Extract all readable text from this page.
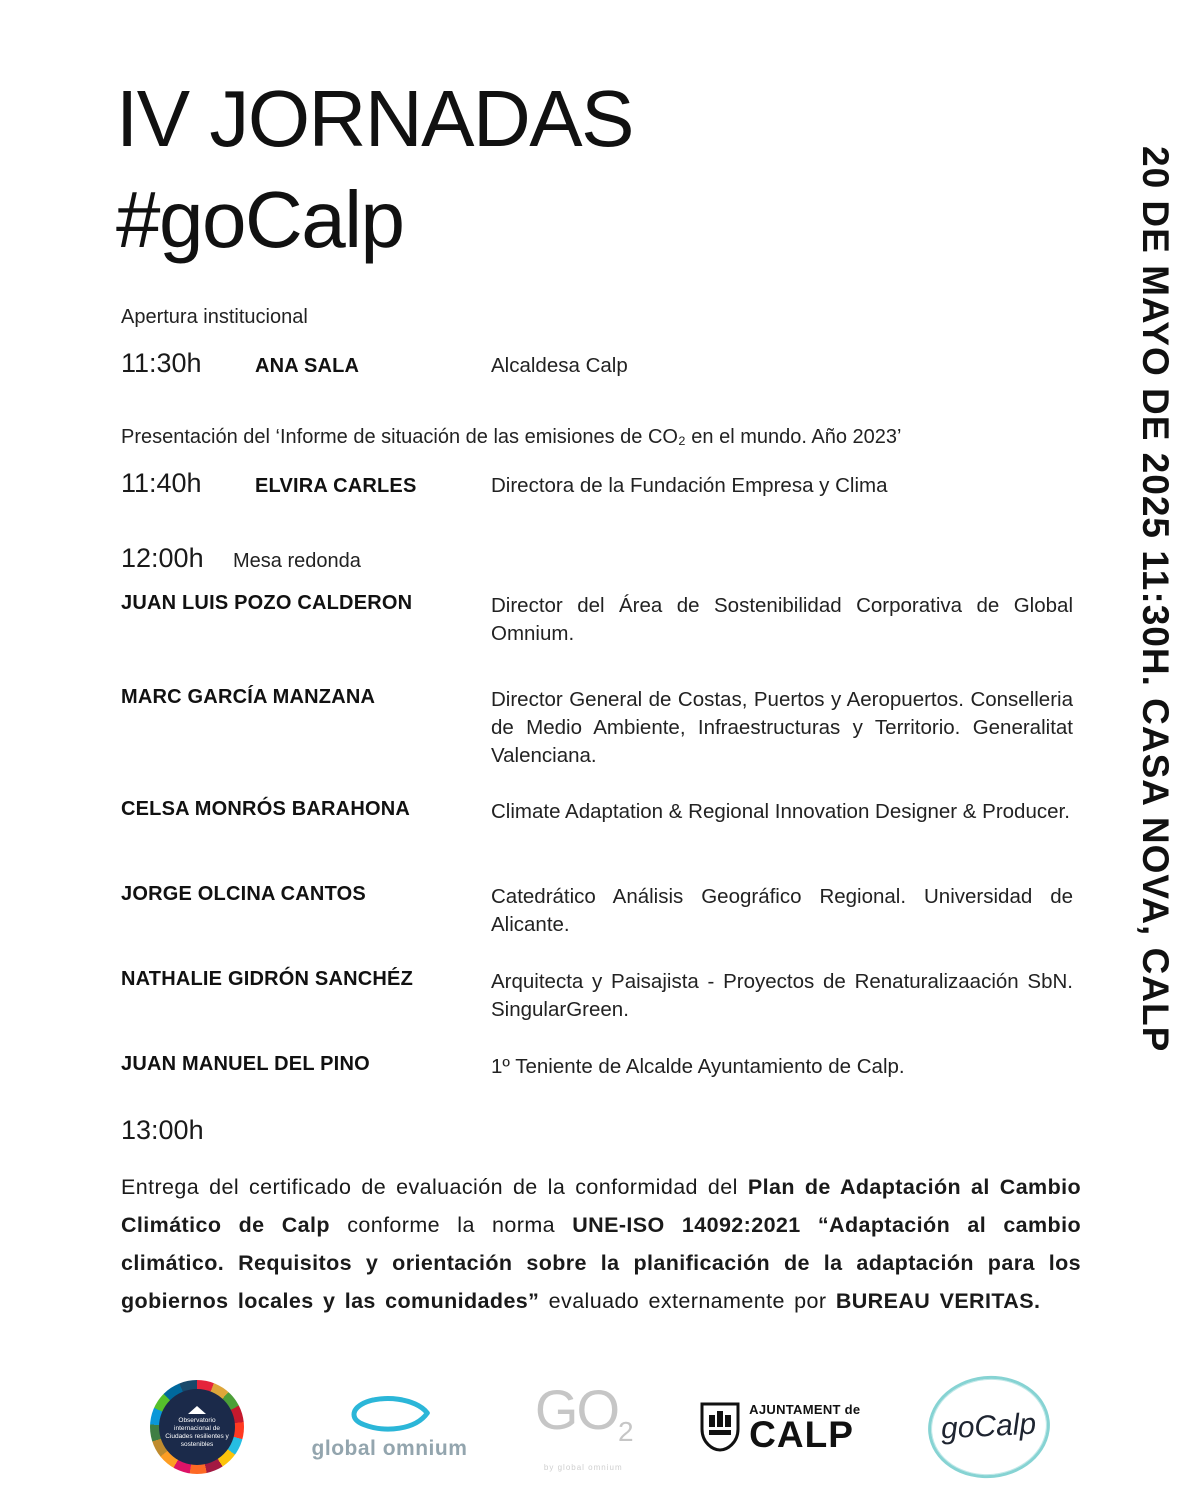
IV JORNADAS
#goCalp	20 DE MAYO DE 2025 11:30H. CASA NOVA, CALP
Apertura institucional
11:30h	ANA SALA	Alcaldesa Calp
Presentación del ‘Informe de situación de las emisiones de CO₂ en el mundo. Año 2023’
11:40h	ELVIRA CARLES	Directora de la Fundación Empresa y Clima
12:00h	Mesa redonda
JUAN LUIS POZO CALDERON	Director del Área de Sostenibilidad Corporativa de Global Omnium.
MARC GARCÍA MANZANA	Director General de Costas, Puertos y Aeropuertos. Conselleria de Medio Ambiente, Infraestructuras y Territorio. Generalitat Valenciana.
CELSA MONRÓS BARAHONA	Climate Adaptation & Regional Innovation Designer & Producer.
JORGE OLCINA CANTOS	Catedrático Análisis Geográfico Regional. Universidad de Alicante.
NATHALIE GIDRÓN SANCHÉZ	Arquitecta y Paisajista - Proyectos de Renaturalizaación SbN. SingularGreen.
JUAN MANUEL DEL PINO	1º Teniente de Alcalde Ayuntamiento de Calp.
13:00h

Entrega del certificado de evaluación de la conformidad del Plan de Adaptación al Cambio Climático de Calp conforme la norma UNE-ISO 14092:2021 “Adaptación al cambio climático. Requisitos y orientación sobre la planificación de la adaptación para los gobiernos locales y las comunidades” evaluado externamente por BUREAU VERITAS.

Observatorio internacional de Ciudades resilientes y sostenibles	global omnium
$GO_2$
by global omnium
AJUNTAMENT de
CALP	goCalp
